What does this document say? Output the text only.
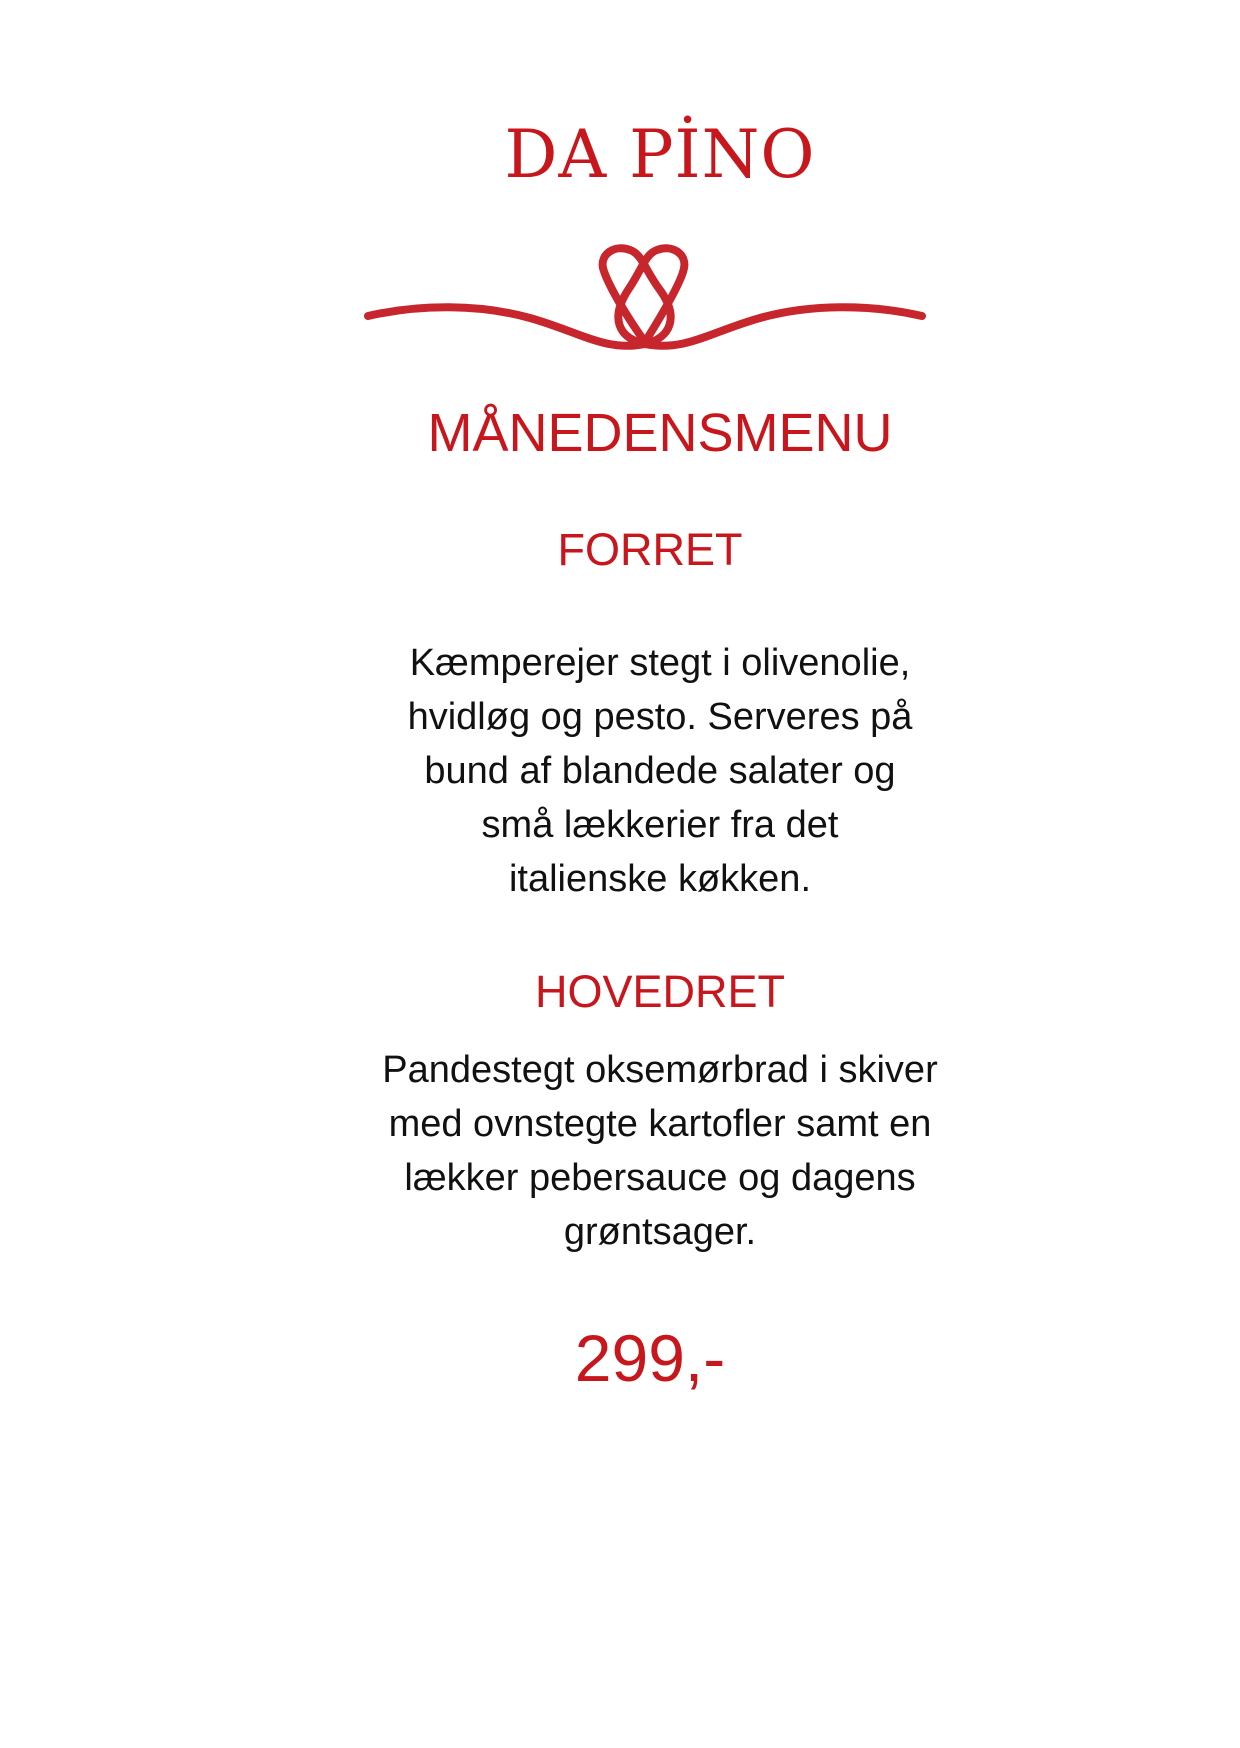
DA PİNO
MÅNEDENSMENU
FORRET
Kæmperejer stegt i olivenolie,
hvidløg og pesto. Serveres på
bund af blandede salater og
små lækkerier fra det
italienske køkken.
HOVEDRET
Pandestegt oksemørbrad i skiver
med ovnstegte kartofler samt en
lækker pebersauce og dagens
grøntsager.
299,-
